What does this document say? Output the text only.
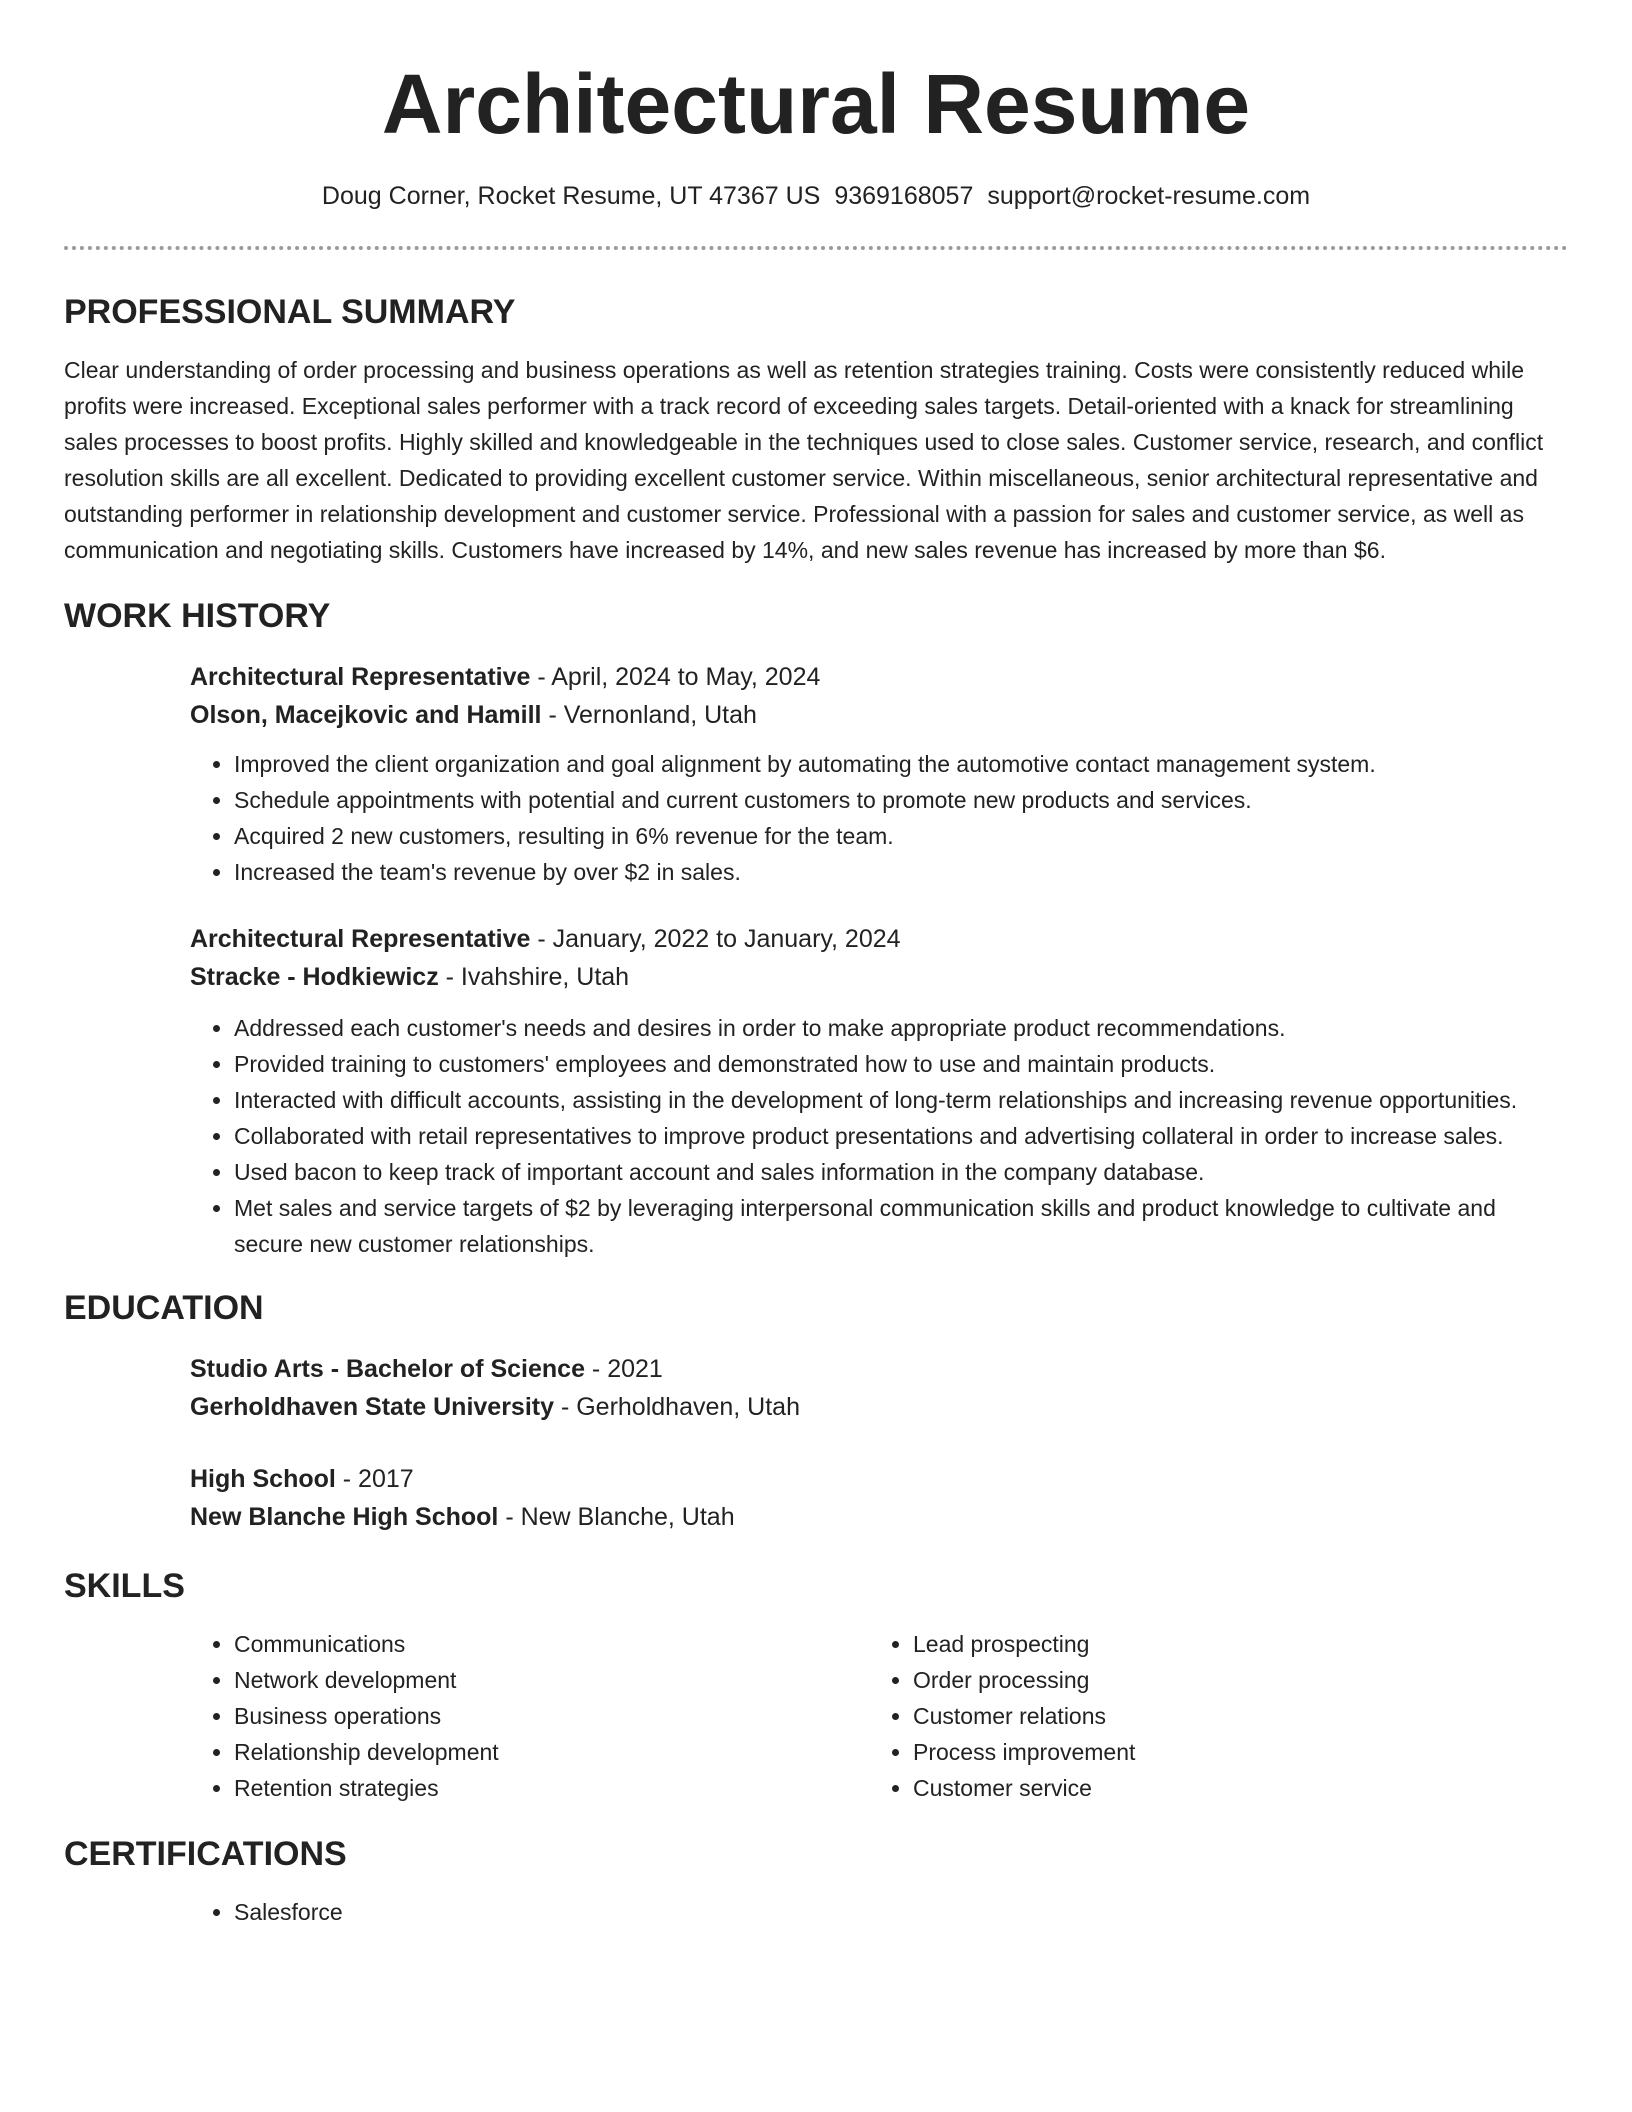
Architectural Resume
Doug Corner, Rocket Resume, UT 47367 US 9369168057 support@rocket-resume.com
PROFESSIONAL SUMMARY

Clear understanding of order processing and business operations as well as retention strategies training. Costs were consistently reduced while profits were increased. Exceptional sales performer with a track record of exceeding sales targets. Detail-oriented with a knack for streamlining sales processes to boost profits. Highly skilled and knowledgeable in the techniques used to close sales. Customer service, research, and conflict resolution skills are all excellent. Dedicated to providing excellent customer service. Within miscellaneous, senior architectural representative and outstanding performer in relationship development and customer service. Professional with a passion for sales and customer service, as well as communication and negotiating skills. Customers have increased by 14%, and new sales revenue has increased by more than $6.

WORK HISTORY
Architectural Representative - April, 2024 to May, 2024
Olson, Macejkovic and Hamill - Vernonland, Utah
• Improved the client organization and goal alignment by automating the automotive contact management system.
• Schedule appointments with potential and current customers to promote new products and services.
• Acquired 2 new customers, resulting in 6% revenue for the team.
• Increased the team's revenue by over $2 in sales.
Architectural Representative - January, 2022 to January, 2024
Stracke - Hodkiewicz - Ivahshire, Utah
• Addressed each customer's needs and desires in order to make appropriate product recommendations.
• Provided training to customers' employees and demonstrated how to use and maintain products.
• Interacted with difficult accounts, assisting in the development of long-term relationships and increasing revenue opportunities.
• Collaborated with retail representatives to improve product presentations and advertising collateral in order to increase sales.
• Used bacon to keep track of important account and sales information in the company database.
• Met sales and service targets of $2 by leveraging interpersonal communication skills and product knowledge to cultivate and secure new customer relationships.
EDUCATION
Studio Arts - Bachelor of Science - 2021
Gerholdhaven State University - Gerholdhaven, Utah
High School - 2017
New Blanche High School - New Blanche, Utah
SKILLS
• Communications
• Network development
• Business operations
• Relationship development
• Retention strategies
• Lead prospecting
• Order processing
• Customer relations
• Process improvement
• Customer service
CERTIFICATIONS
• Salesforce
